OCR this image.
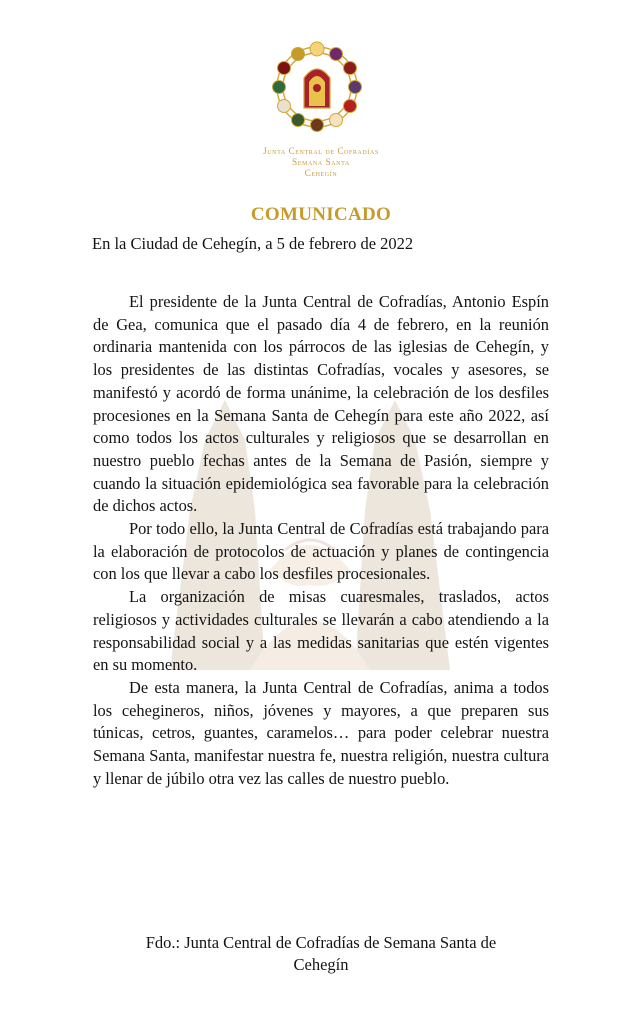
Junta Central de Cofradías
Semana Santa
Cehegín
COMUNICADO
En la Ciudad de Cehegín, a 5 de febrero de 2022

El presidente de la Junta Central de Cofradías, Antonio Espín de Gea, comunica que el pasado día 4 de febrero, en la reunión ordinaria mantenida con los párrocos de las iglesias de Cehegín, y los presidentes de las distintas Cofradías, vocales y asesores, se manifestó y acordó de forma unánime, la celebración de los desfiles procesiones en la Semana Santa de Cehegín para este año 2022, así como todos los actos culturales y religiosos que se desarrollan en nuestro pueblo fechas antes de la Semana de Pasión, siempre y cuando la situación epidemiológica sea favorable para la celebración de dichos actos.

Por todo ello, la Junta Central de Cofradías está trabajando para la elaboración de protocolos de actuación y planes de contingencia con los que llevar a cabo los desfiles procesionales.

La organización de misas cuaresmales, traslados, actos religiosos y actividades culturales se llevarán a cabo atendiendo a la responsabilidad social y a las medidas sanitarias que estén vigentes en su momento.

De esta manera, la Junta Central de Cofradías, anima a todos los cehegineros, niños, jóvenes y mayores, a que preparen sus túnicas, cetros, guantes, caramelos… para poder celebrar nuestra Semana Santa, manifestar nuestra fe, nuestra religión, nuestra cultura y llenar de júbilo otra vez las calles de nuestro pueblo.

Fdo.: Junta Central de Cofradías de Semana Santa de
Cehegín
